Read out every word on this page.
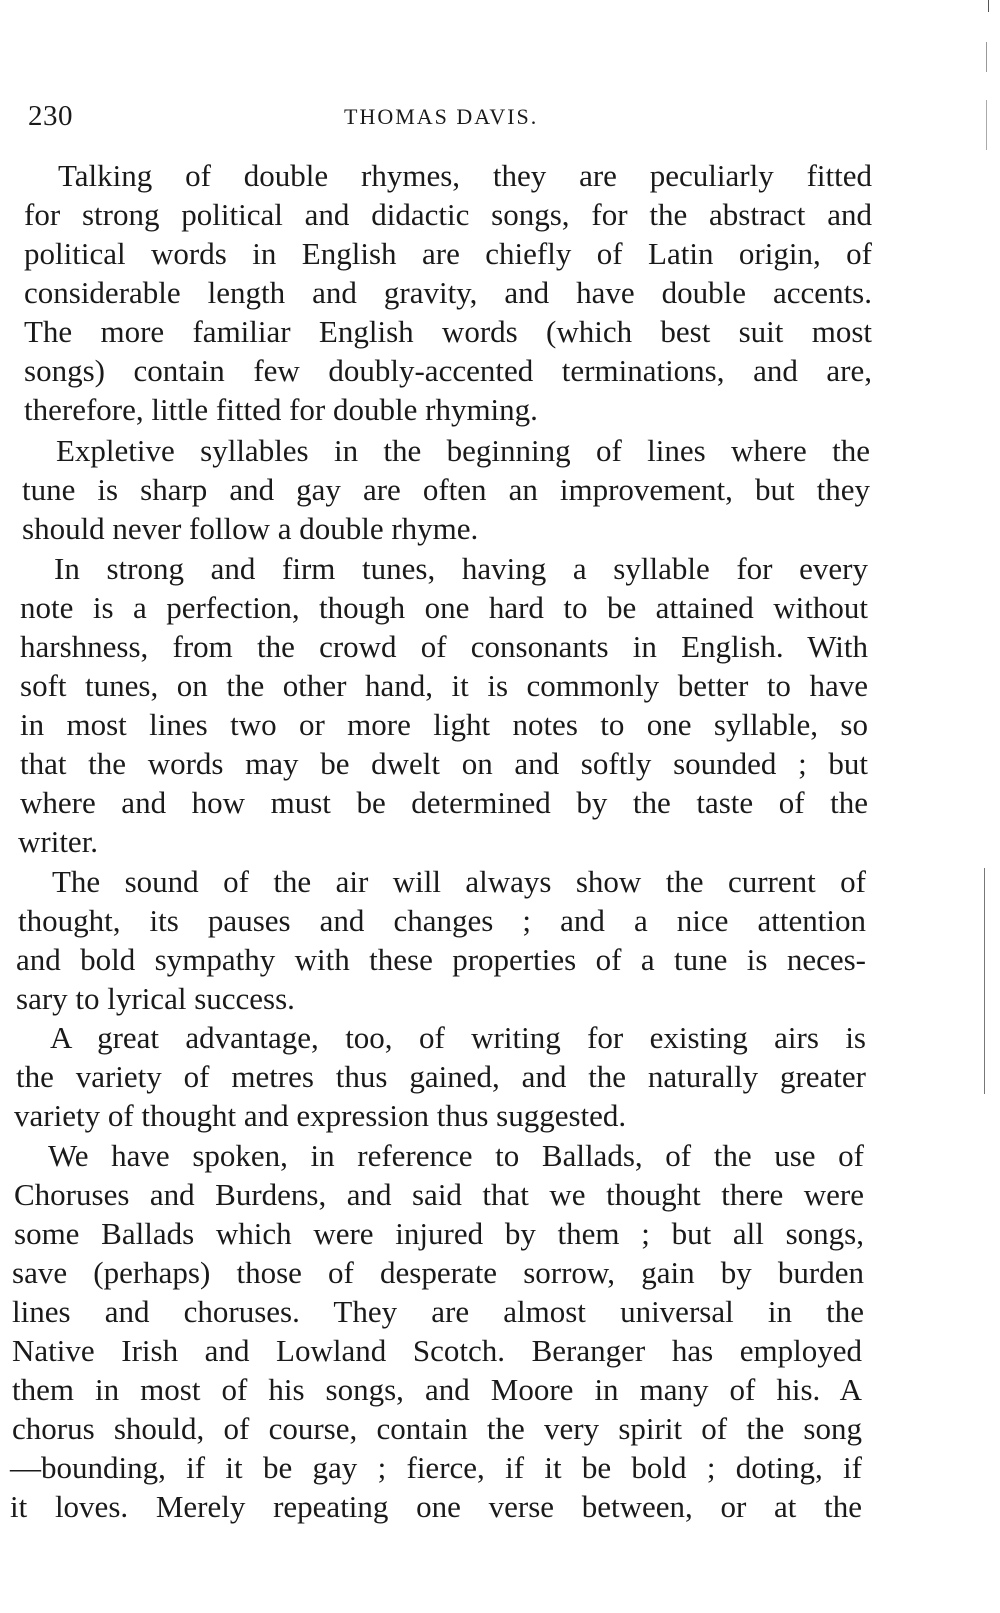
230	THOMAS DAVIS.
Talking of double rhymes, they are peculiarly fitted
for strong political and didactic songs, for the abstract and
political words in English are chiefly of Latin origin, of
considerable length and gravity, and have double accents.
The more familiar English words (which best suit most
songs) contain few doubly-accented terminations, and are,
therefore, little fitted for double rhyming.
Expletive syllables in the beginning of lines where the
tune is sharp and gay are often an improvement, but they
should never follow a double rhyme.
In strong and firm tunes, having a syllable for every
note is a perfection, though one hard to be attained without
harshness, from the crowd of consonants in English. With
soft tunes, on the other hand, it is commonly better to have
in most lines two or more light notes to one syllable, so
that the words may be dwelt on and softly sounded ; but
where and how must be determined by the taste of the
writer.
The sound of the air will always show the current of
thought, its pauses and changes ; and a nice attention
and bold sympathy with these properties of a tune is neces-
sary to lyrical success.
A great advantage, too, of writing for existing airs is
the variety of metres thus gained, and the naturally greater
variety of thought and expression thus suggested.
We have spoken, in reference to Ballads, of the use of
Choruses and Burdens, and said that we thought there were
some Ballads which were injured by them ; but all songs,
save (perhaps) those of desperate sorrow, gain by burden
lines and choruses. They are almost universal in the
Native Irish and Lowland Scotch. Beranger has employed
them in most of his songs, and Moore in many of his. A
chorus should, of course, contain the very spirit of the song
—bounding, if it be gay ; fierce, if it be bold ; doting, if
it loves. Merely repeating one verse between, or at the
